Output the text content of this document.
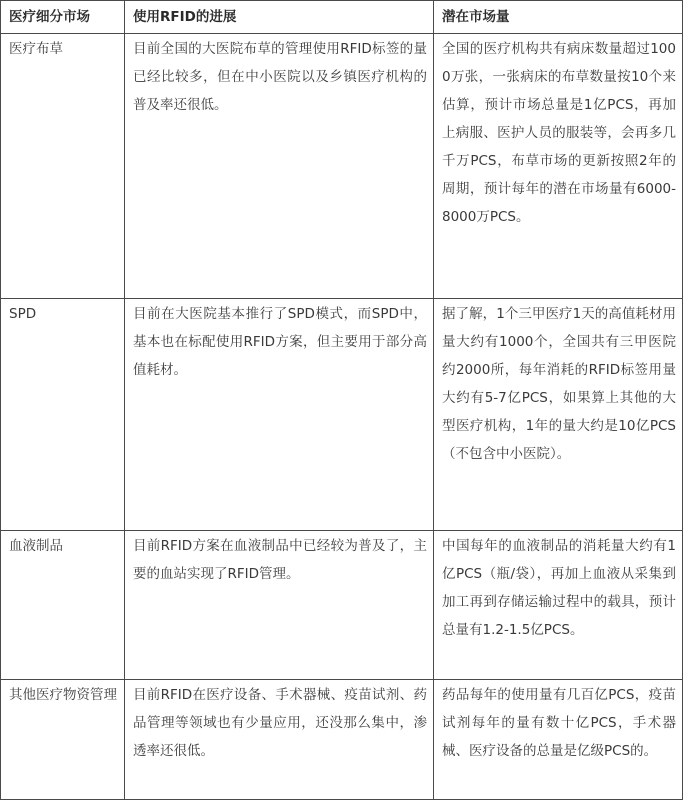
医疗细分市场	使用RFID的进展	潜在市场量

医疗布草	目前全国的大医院布草的管理使用RFID标签的量已经比较多，但在中小医院以及乡镇医疗机构的普及率还很低。	全国的医疗机构共有病床数量超过1000万张，一张病床的布草数量按10个来估算，预计市场总量是1亿PCS，再加上病服、医护人员的服装等，会再多几千万PCS，布草市场的更新按照2年的周期，预计每年的潜在市场量有6000-8000万PCS。

SPD	目前在大医院基本推行了SPD模式，而SPD中，基本也在标配使用RFID方案，但主要用于部分高值耗材。	据了解，1个三甲医疗1天的高值耗材用量大约有1000个，全国共有三甲医院约2000所，每年消耗的RFID标签用量大约有5-7亿PCS，如果算上其他的大型医疗机构，1年的量大约是10亿PCS（不包含中小医院）。

血液制品	目前RFID方案在血液制品中已经较为普及了，主要的血站实现了RFID管理。	中国每年的血液制品的消耗量大约有1亿PCS（瓶/袋），再加上血液从采集到加工再到存储运输过程中的载具，预计总量有1.2-1.5亿PCS。

其他医疗物资管理	目前RFID在医疗设备、手术器械、疫苗试剂、药品管理等领域也有少量应用，还没那么集中，渗透率还很低。	药品每年的使用量有几百亿PCS，疫苗试剂每年的量有数十亿PCS，手术器械、医疗设备的总量是亿级PCS的。
